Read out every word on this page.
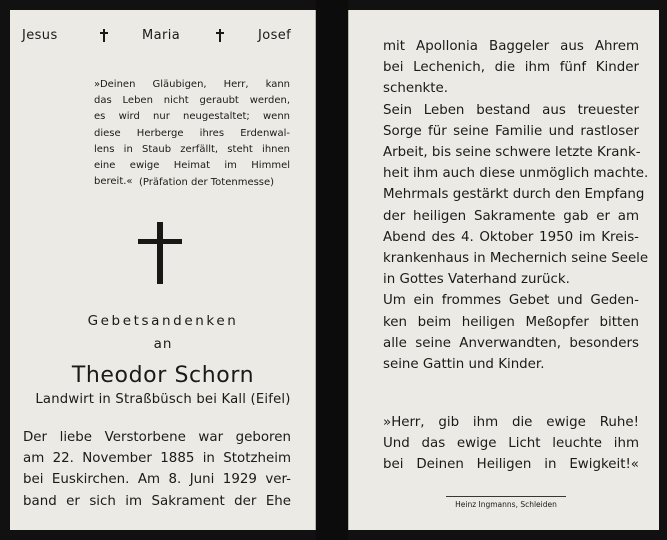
Jesus	Maria	Josef
»Deinen Gläubigen, Herr, kann
das Leben nicht geraubt werden,
es wird nur neugestaltet; wenn
diese Herberge ihres Erdenwal-
lens in Staub zerfällt, steht ihnen
eine ewige Heimat im Himmel
bereit.« (Präfation der Totenmesse)
Gebetsandenken
an
Theodor Schorn
Landwirt in Straßbüsch bei Kall (Eifel)
Der liebe Verstorbene war geboren
am 22. November 1885 in Stotzheim
bei Euskirchen. Am 8. Juni 1929 ver-
band er sich im Sakrament der Ehe
mit Apollonia Baggeler aus Ahrem
bei Lechenich, die ihm fünf Kinder
schenkte.
Sein Leben bestand aus treuester
Sorge für seine Familie und rastloser
Arbeit, bis seine schwere letzte Krank-
heit ihm auch diese unmöglich machte.
Mehrmals gestärkt durch den Empfang
der heiligen Sakramente gab er am
Abend des 4. Oktober 1950 im Kreis-
krankenhaus in Mechernich seine Seele
in Gottes Vaterhand zurück.
Um ein frommes Gebet und Geden-
ken beim heiligen Meßopfer bitten
alle seine Anverwandten, besonders
seine Gattin und Kinder.
»Herr, gib ihm die ewige Ruhe!
Und das ewige Licht leuchte ihm
bei Deinen Heiligen in Ewigkeit!«
Heinz Ingmanns, Schleiden
